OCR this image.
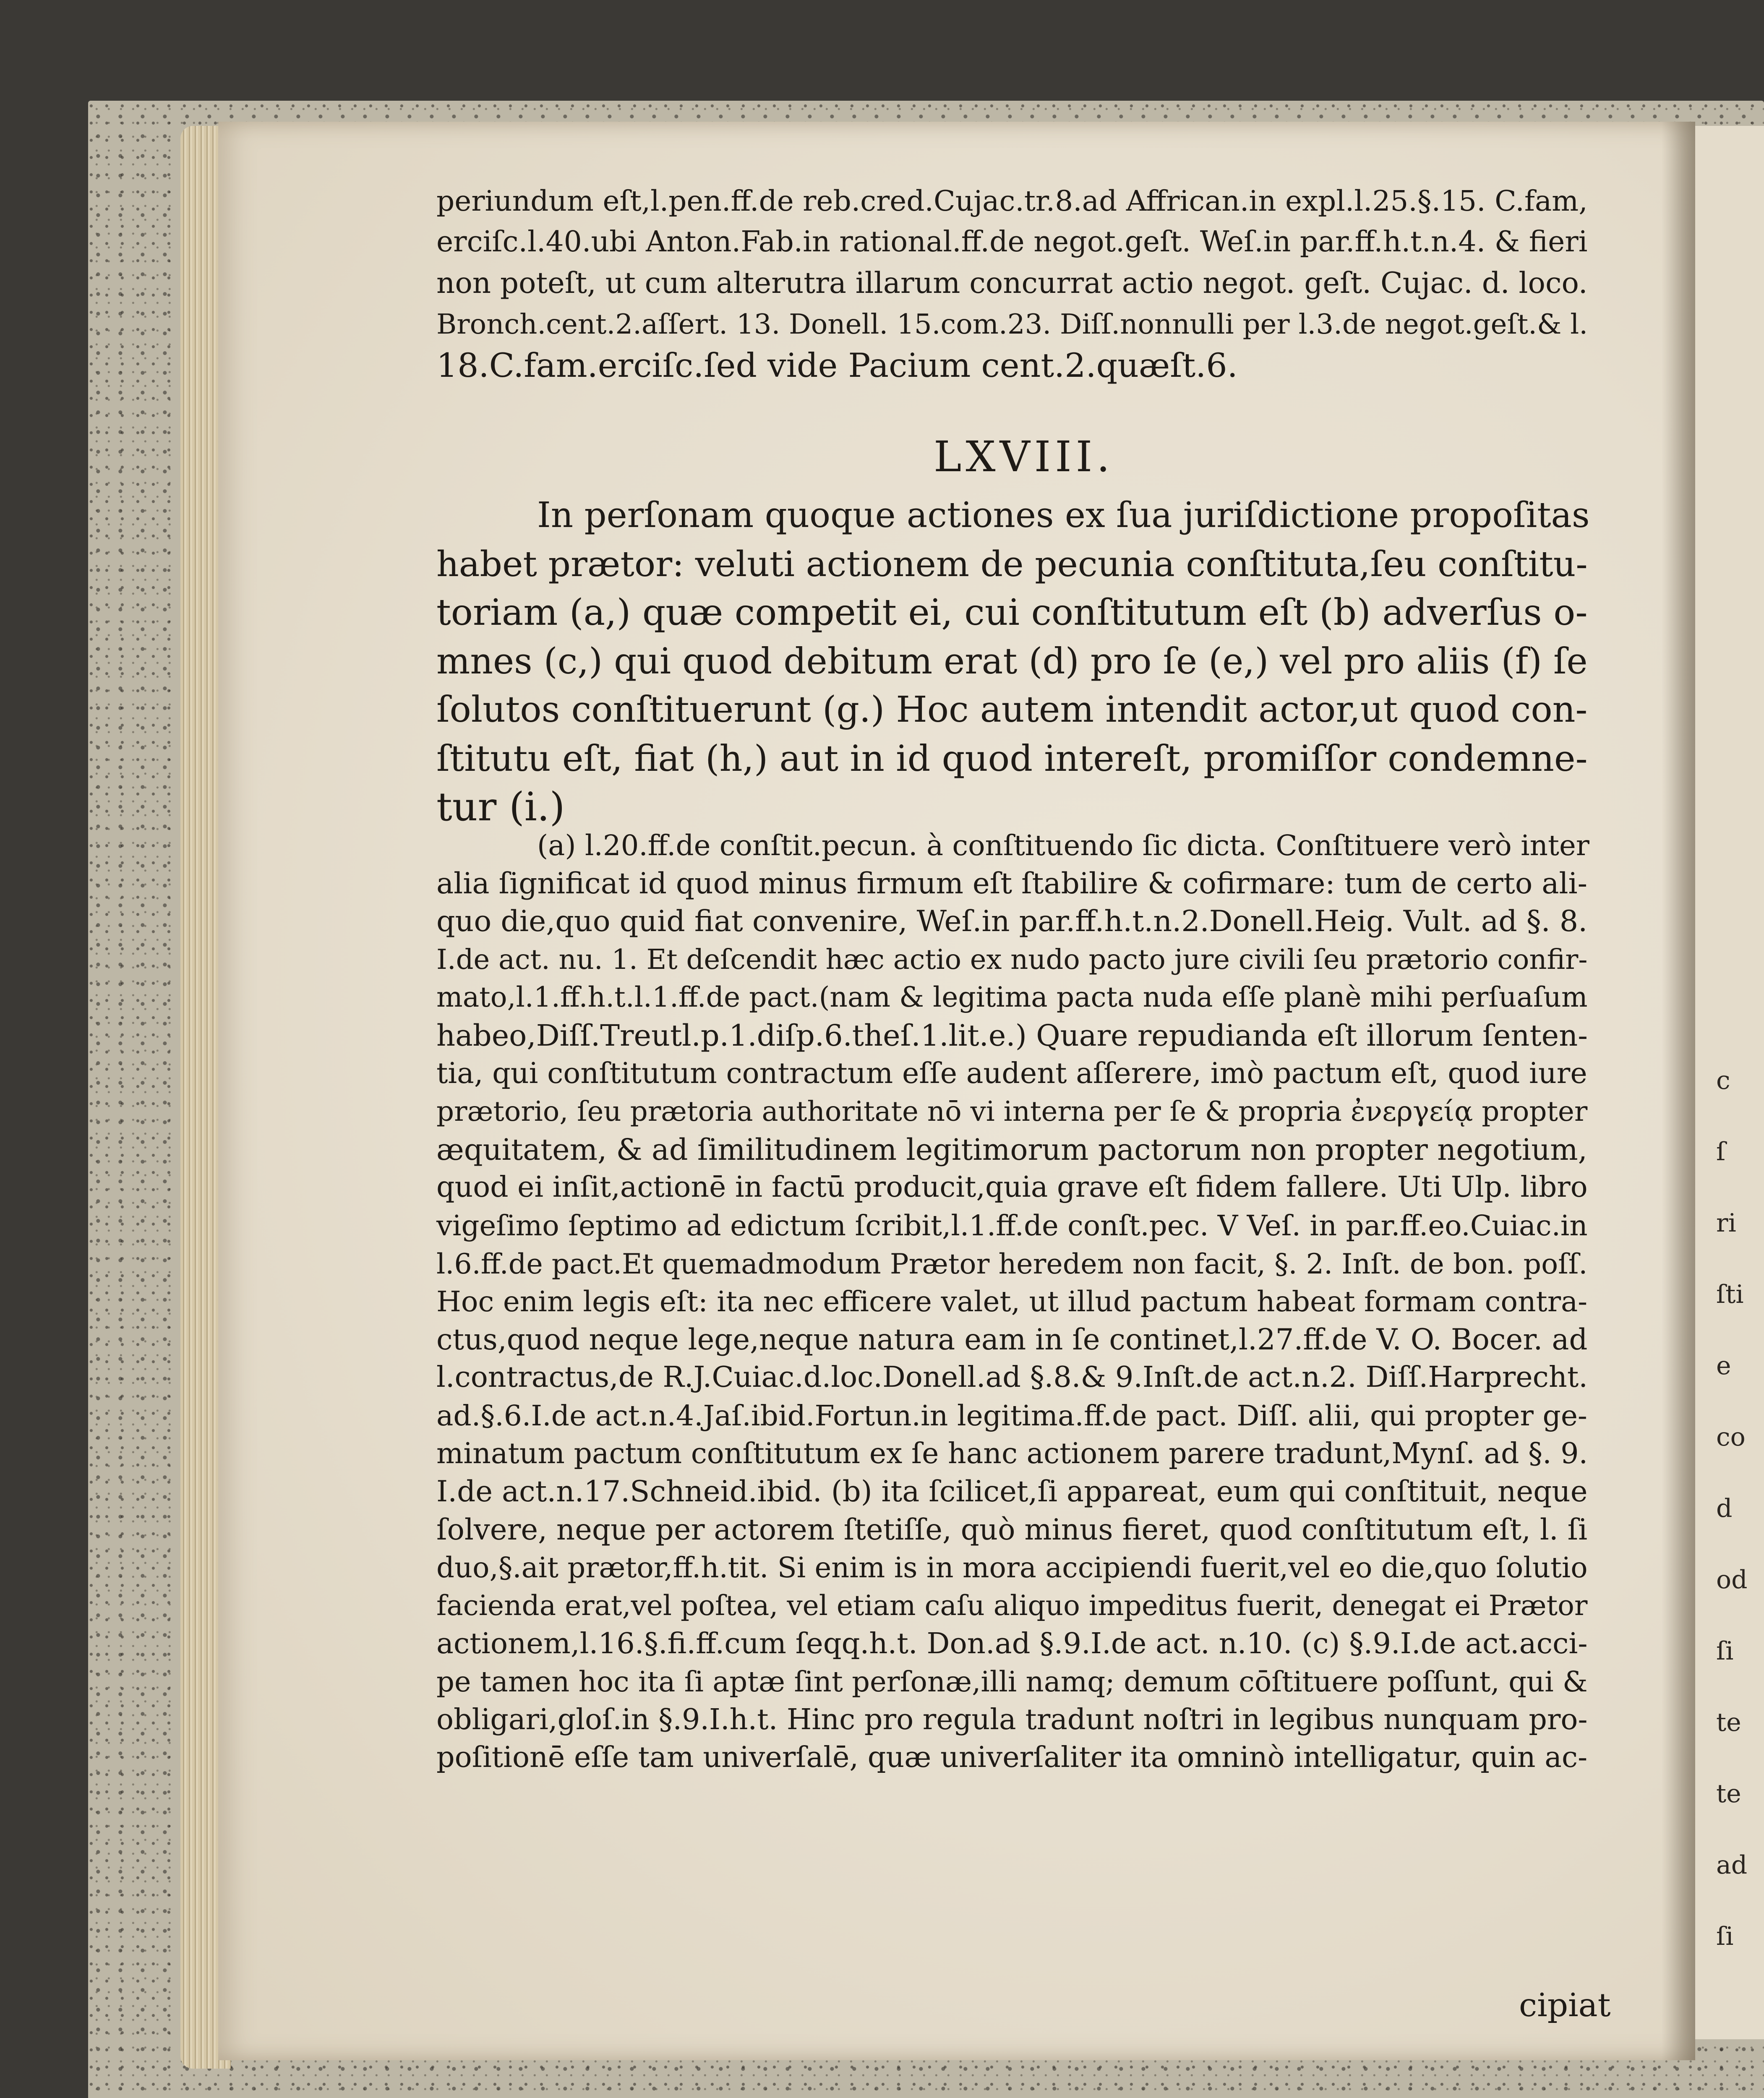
c
ſ
ri
ſti
e
co
d
od
ſi
te
te
ad
ſi
periundum eſt,l.pen.ff.de reb.cred.Cujac.tr.8.ad Affrican.in expl.l.25.§.15. C.fam,
erciſc.l.40.ubi Anton.Fab.in rational.ff.de negot.geſt. Weſ.in par.ff.h.t.n.4. & fieri
non poteſt, ut cum alterutra illarum concurrat actio negot. geſt. Cujac. d. loco.
Bronch.cent.2.aſſert. 13. Donell. 15.com.23. Diſſ.nonnulli per l.3.de negot.geſt.& l.
18.C.fam.erciſc.ſed vide Pacium cent.2.quæſt.6.
LXVIII.
In perſonam quoque actiones ex ſua juriſdictione propoſitas
habet prætor: veluti actionem de pecunia conſtituta,ſeu conſtitu-
toriam (a,) quæ competit ei, cui conſtitutum eſt (b) adverſus o-
mnes (c,) qui quod debitum erat (d) pro ſe (e,) vel pro aliis (f) ſe
ſolutos conſtituerunt (g.) Hoc autem intendit actor,ut quod con-
ſtitutu eſt, fiat (h,) aut in id quod intereſt, promiſſor condemne-
tur (i.)
(a) l.20.ff.de conſtit.pecun. à conſtituendo ſic dicta. Conſtituere verò inter
alia ſignificat id quod minus firmum eſt ſtabilire & cofirmare: tum de certo ali-
quo die,quo quid fiat convenire, Weſ.in par.ff.h.t.n.2.Donell.Heig. Vult. ad §. 8.
I.de act. nu. 1. Et deſcendit hæc actio ex nudo pacto jure civili ſeu prætorio confir-
mato,l.1.ff.h.t.l.1.ff.de pact.(nam & legitima pacta nuda eſſe planè mihi perſuaſum
habeo,Diſſ.Treutl.p.1.diſp.6.theſ.1.lit.e.) Quare repudianda eſt illorum ſenten-
tia, qui conſtitutum contractum eſſe audent aſſerere, imò pactum eſt, quod iure
prætorio, ſeu prætoria authoritate nō vi interna per ſe & propria ἐνεργείᾳ propter
æquitatem, & ad ſimilitudinem legitimorum pactorum non propter negotium,
quod ei inſit,actionē in factū producit,quia grave eſt fidem fallere. Uti Ulp. libro
vigeſimo ſeptimo ad edictum ſcribit,l.1.ff.de conſt.pec. V Veſ. in par.ff.eo.Cuiac.in
l.6.ff.de pact.Et quemadmodum Prætor heredem non facit, §. 2. Inſt. de bon. poſſ.
Hoc enim legis eſt: ita nec efficere valet, ut illud pactum habeat formam contra-
ctus,quod neque lege,neque natura eam in ſe continet,l.27.ff.de V. O. Bocer. ad
l.contractus,de R.J.Cuiac.d.loc.Donell.ad §.8.& 9.Inſt.de act.n.2. Diſſ.Harprecht.
ad.§.6.I.de act.n.4.Jaſ.ibid.Fortun.in legitima.ff.de pact. Diſſ. alii, qui propter ge-
minatum pactum conſtitutum ex ſe hanc actionem parere tradunt,Mynſ. ad §. 9.
I.de act.n.17.Schneid.ibid. (b) ita ſcilicet,ſi appareat, eum qui conſtituit, neque
ſolvere, neque per actorem ſtetiſſe, quò minus fieret, quod conſtitutum eſt, l. ſi
duo,§.ait prætor,ff.h.tit. Si enim is in mora accipiendi fuerit,vel eo die,quo ſolutio
facienda erat,vel poſtea, vel etiam caſu aliquo impeditus fuerit, denegat ei Prætor
actionem,l.16.§.fi.ff.cum ſeqq.h.t. Don.ad §.9.I.de act. n.10. (c) §.9.I.de act.acci-
pe tamen hoc ita ſi aptæ ſint perſonæ,illi namq; demum cōſtituere poſſunt, qui &
obligari,gloſ.in §.9.I.h.t. Hinc pro regula tradunt noſtri in legibus nunquam pro-
poſitionē eſſe tam univerſalē, quæ univerſaliter ita omninò intelligatur, quin ac-
cipiat
